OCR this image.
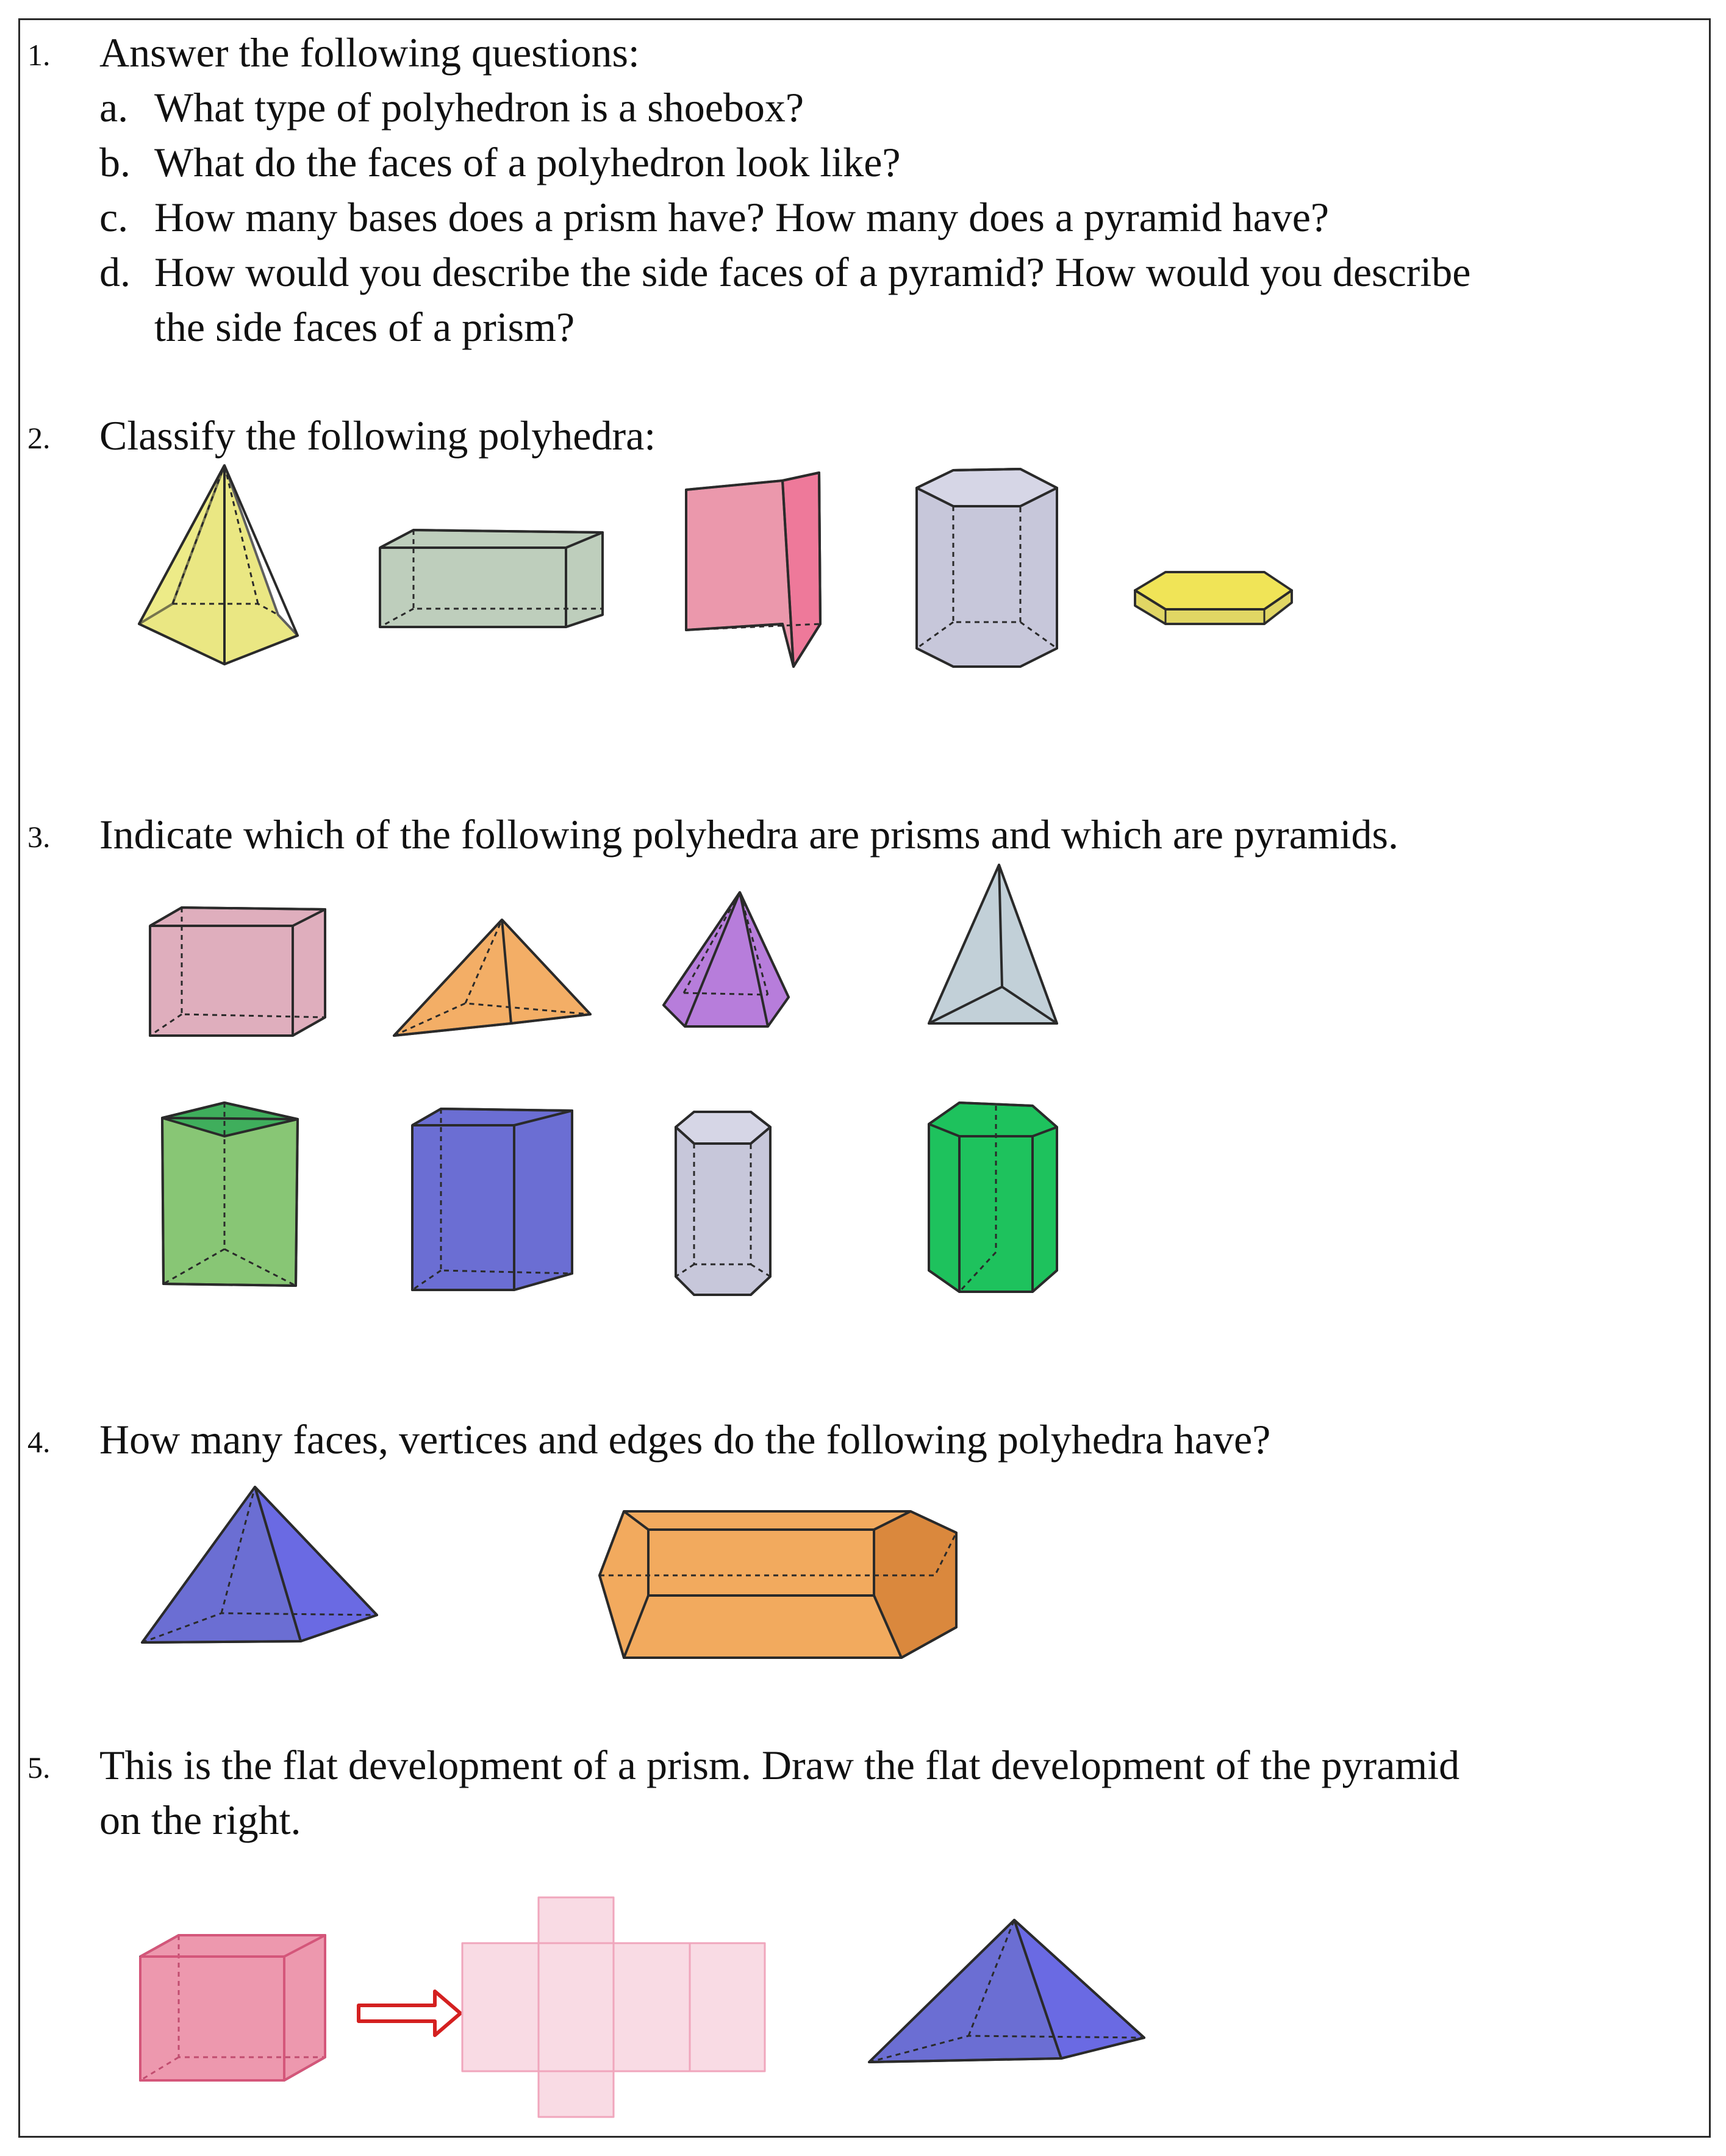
1. Answer the following questions:
a. What type of polyhedron is a shoebox?
b. What do the faces of a polyhedron look like?
c. How many bases does a prism have? How many does a pyramid have?
d. How would you describe the side faces of a pyramid? How would you describe
the side faces of a prism?
2. Classify the following polyhedra:
3. Indicate which of the following polyhedra are prisms and which are pyramids.
4. How many faces, vertices and edges do the following polyhedra have?
5. This is the flat development of a prism. Draw the flat development of the pyramid
on the right.
